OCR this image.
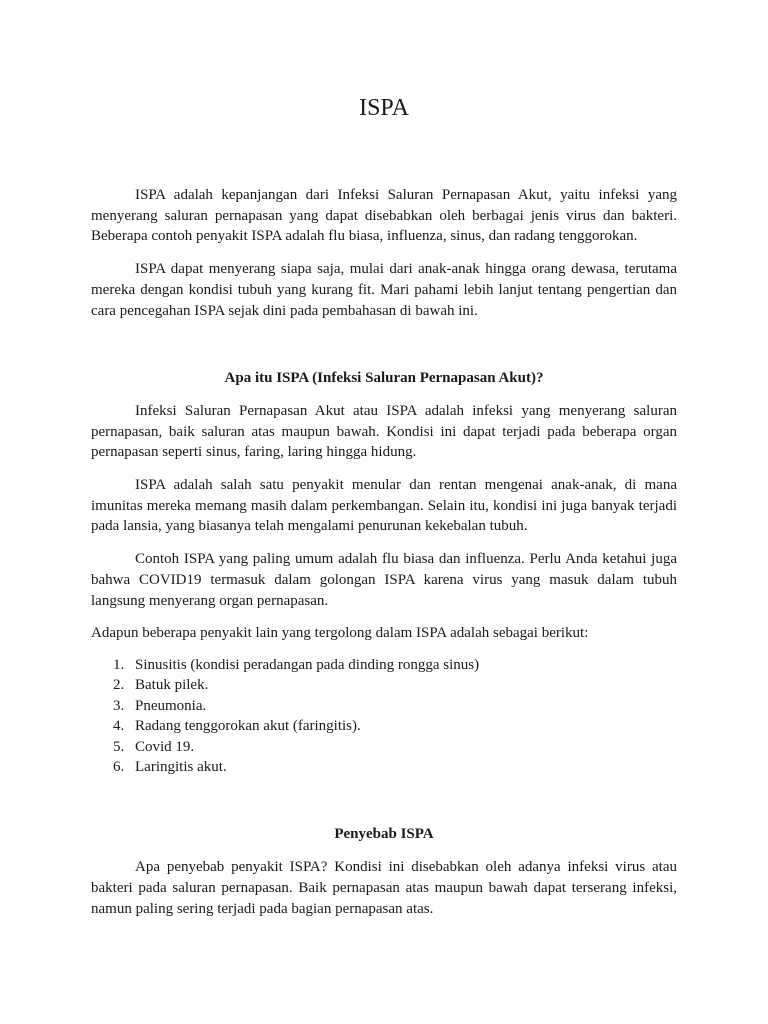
ISPA

ISPA adalah kepanjangan dari Infeksi Saluran Pernapasan Akut, yaitu infeksi yang menyerang saluran pernapasan yang dapat disebabkan oleh berbagai jenis virus dan bakteri. Beberapa contoh penyakit ISPA adalah flu biasa, influenza, sinus, dan radang tenggorokan.

ISPA dapat menyerang siapa saja, mulai dari anak-anak hingga orang dewasa, terutama mereka dengan kondisi tubuh yang kurang fit. Mari pahami lebih lanjut tentang pengertian dan cara pencegahan ISPA sejak dini pada pembahasan di bawah ini.

Apa itu ISPA (Infeksi Saluran Pernapasan Akut)?

Infeksi Saluran Pernapasan Akut atau ISPA adalah infeksi yang menyerang saluran pernapasan, baik saluran atas maupun bawah. Kondisi ini dapat terjadi pada beberapa organ pernapasan seperti sinus, faring, laring hingga hidung.

ISPA adalah salah satu penyakit menular dan rentan mengenai anak-anak, di mana imunitas mereka memang masih dalam perkembangan. Selain itu, kondisi ini juga banyak terjadi pada lansia, yang biasanya telah mengalami penurunan kekebalan tubuh.

Contoh ISPA yang paling umum adalah flu biasa dan influenza. Perlu Anda ketahui juga bahwa COVID19 termasuk dalam golongan ISPA karena virus yang masuk dalam tubuh langsung menyerang organ pernapasan.

Adapun beberapa penyakit lain yang tergolong dalam ISPA adalah sebagai berikut:

1. Sinusitis (kondisi peradangan pada dinding rongga sinus)
2. Batuk pilek.
3. Pneumonia.
4. Radang tenggorokan akut (faringitis).
5. Covid 19.
6. Laringitis akut.
Penyebab ISPA

Apa penyebab penyakit ISPA? Kondisi ini disebabkan oleh adanya infeksi virus atau bakteri pada saluran pernapasan. Baik pernapasan atas maupun bawah dapat terserang infeksi, namun paling sering terjadi pada bagian pernapasan atas.
